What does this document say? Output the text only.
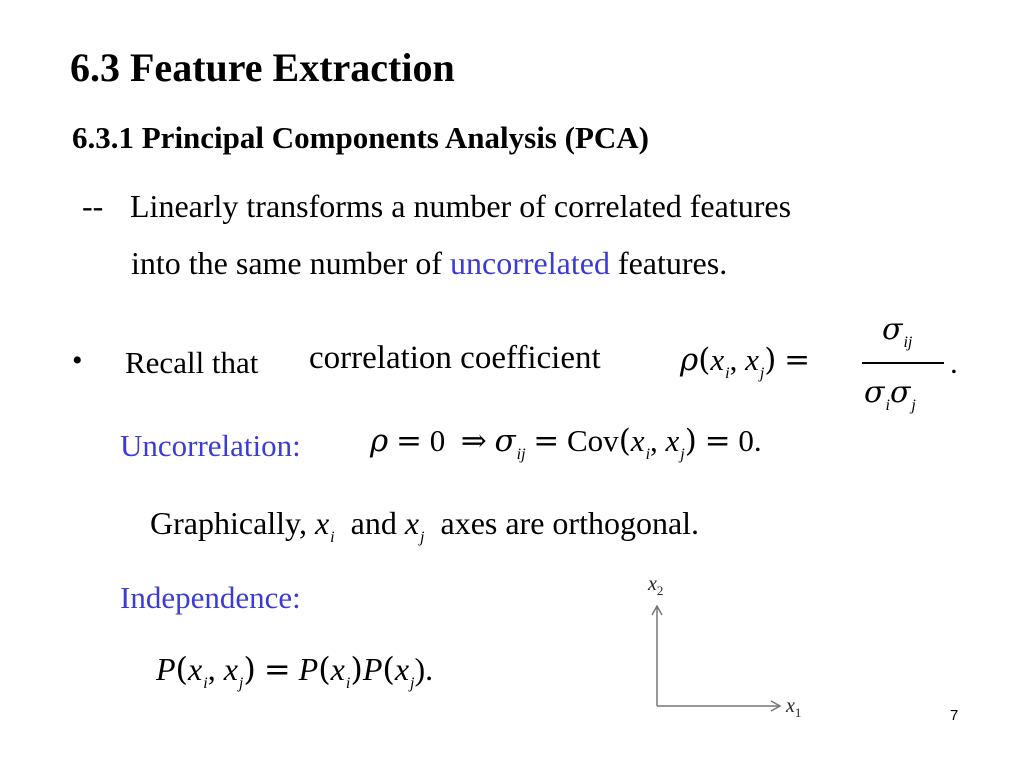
6.3 Feature Extraction
6.3.1 Principal Components Analysis (PCA)
-- Linearly transforms a number of correlated features
into the same number of uncorrelated features.
• Recall that correlation coefficient	$\rho(x_i$, $x_j$) =
$\sigma_{ij}$
.
$\sigma_i\sigma_j$
Uncorrelation: ρ = 0 ⇒ $\sigma_{ij} = Cov(x_i$, $x_j) = 0$.
Graphically, $x_i$ and $x_j$ axes are orthogonal.
Independence:
$P(x_i$, $x_j) = P(x_i)P(x_j)$.
$x_2$
$x_1$	7
